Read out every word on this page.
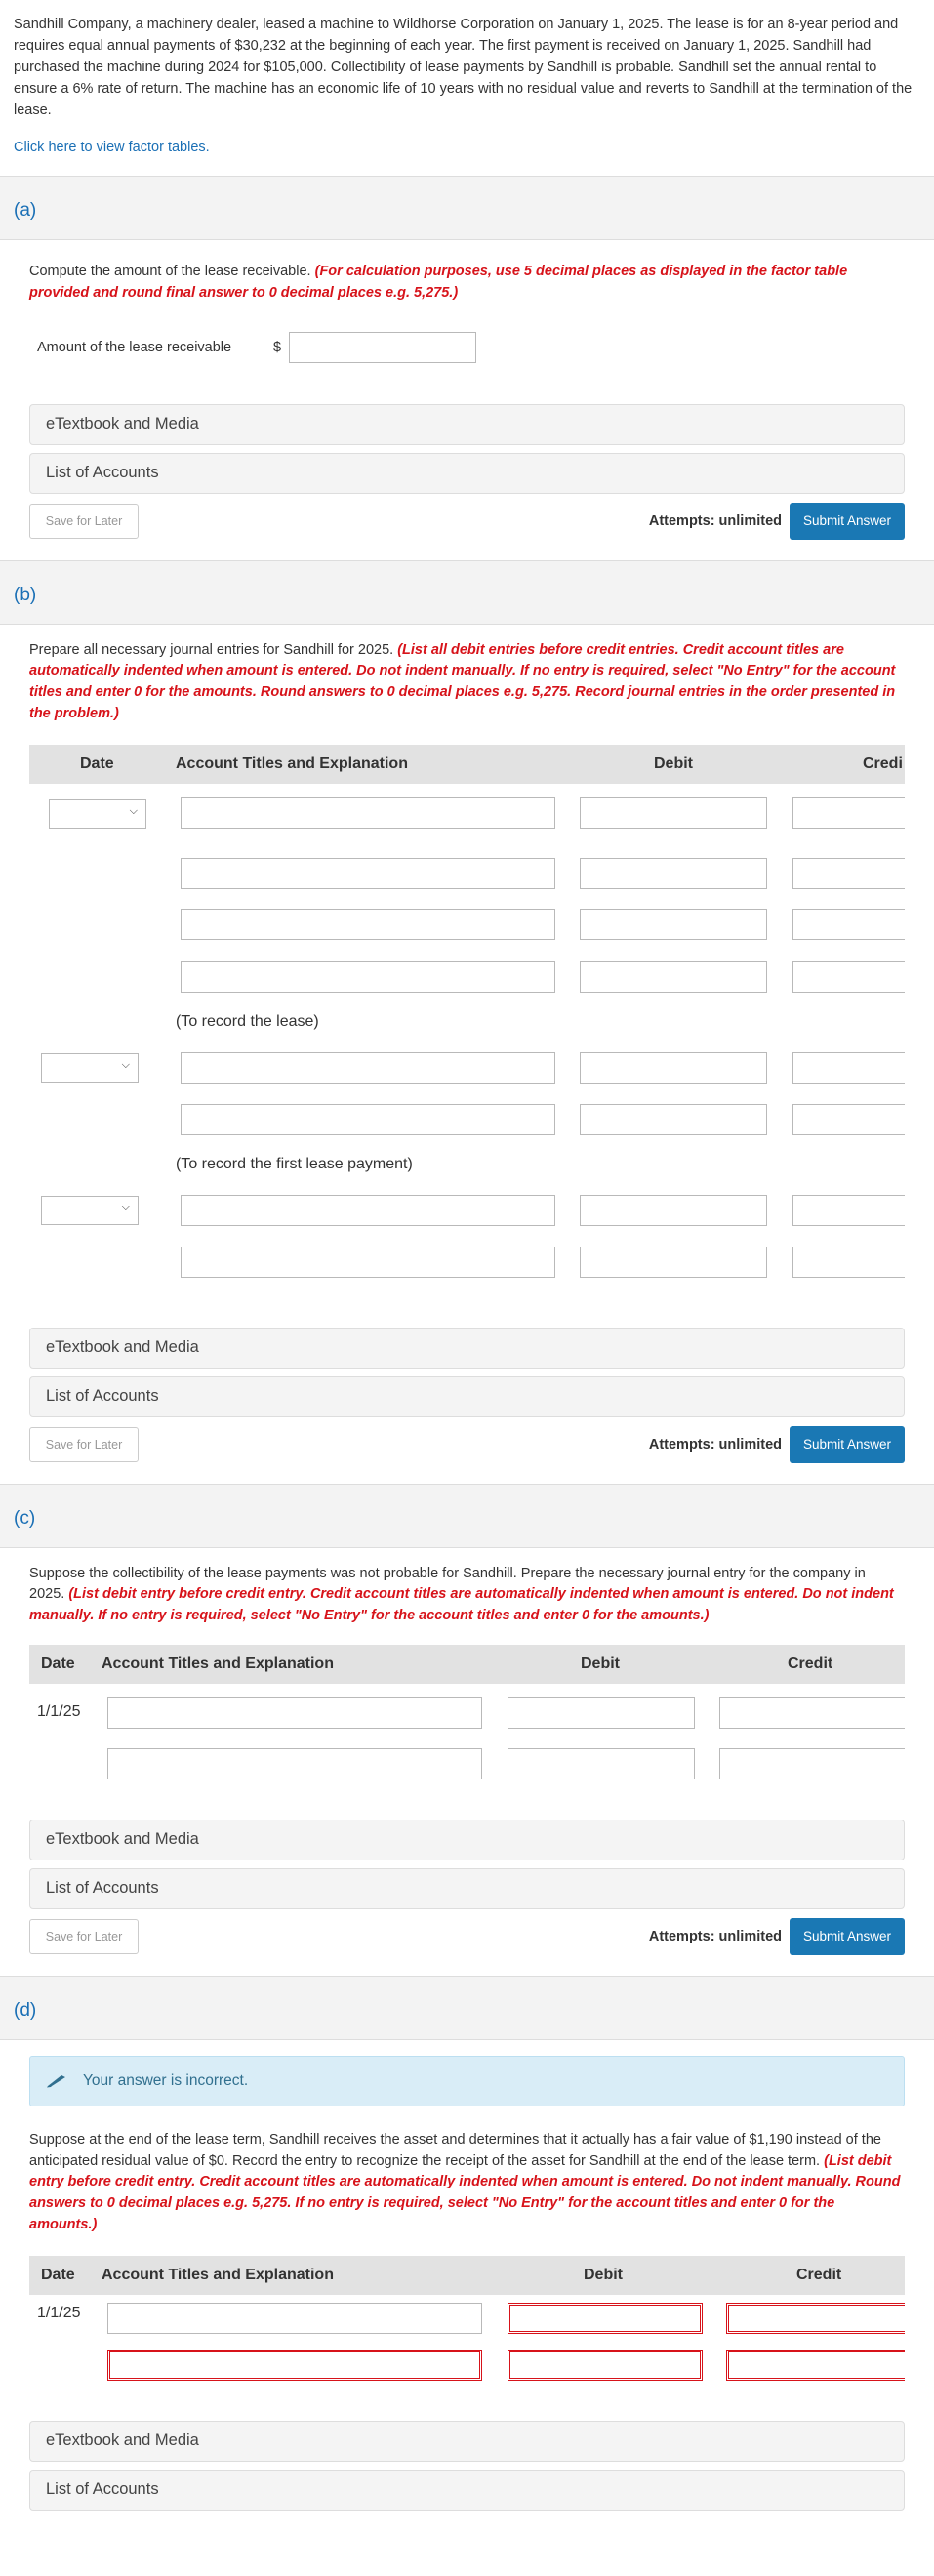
Sandhill Company, a machinery dealer, leased a machine to Wildhorse Corporation on January 1, 2025. The lease is for an 8-year period and requires equal annual payments of $30,232 at the beginning of each year. The first payment is received on January 1, 2025. Sandhill had purchased the machine during 2024 for $105,000. Collectibility of lease payments by Sandhill is probable. Sandhill set the annual rental to ensure a 6% rate of return. The machine has an economic life of 10 years with no residual value and reverts to Sandhill at the termination of the lease.
Click here to view factor tables.
(a)
Compute the amount of the lease receivable. (For calculation purposes, use 5 decimal places as displayed in the factor table provided and round final answer to 0 decimal places e.g. 5,275.)
Amount of the lease receivable	$
eTextbook and Media
List of Accounts
Save for Later	Attempts: unlimited	Submit Answer
(b)
Prepare all necessary journal entries for Sandhill for 2025. (List all debit entries before credit entries. Credit account titles are automatically indented when amount is entered. Do not indent manually. If no entry is required, select "No Entry" for the account titles and enter 0 for the amounts. Round answers to 0 decimal places e.g. 5,275. Record journal entries in the order presented in the problem.)
Date	Account Titles and Explanation	Debit	Credi
⌵
(To record the lease)
⌵
(To record the first lease payment)
⌵
eTextbook and Media
List of Accounts
Save for Later	Attempts: unlimited	Submit Answer
(c)
Suppose the collectibility of the lease payments was not probable for Sandhill. Prepare the necessary journal entry for the company in 2025. (List debit entry before credit entry. Credit account titles are automatically indented when amount is entered. Do not indent manually. If no entry is required, select "No Entry" for the account titles and enter 0 for the amounts.)
Date Account Titles and Explanation	Debit	Credit
1/1/25
eTextbook and Media
List of Accounts
Save for Later	Attempts: unlimited	Submit Answer
(d)
Your answer is incorrect.
Suppose at the end of the lease term, Sandhill receives the asset and determines that it actually has a fair value of $1,190 instead of the anticipated residual value of $0. Record the entry to recognize the receipt of the asset for Sandhill at the end of the lease term. (List debit entry before credit entry. Credit account titles are automatically indented when amount is entered. Do not indent manually. Round answers to 0 decimal places e.g. 5,275. If no entry is required, select "No Entry" for the account titles and enter 0 for the amounts.)
Date Account Titles and Explanation	Debit	Credit
1/1/25
eTextbook and Media
List of Accounts
